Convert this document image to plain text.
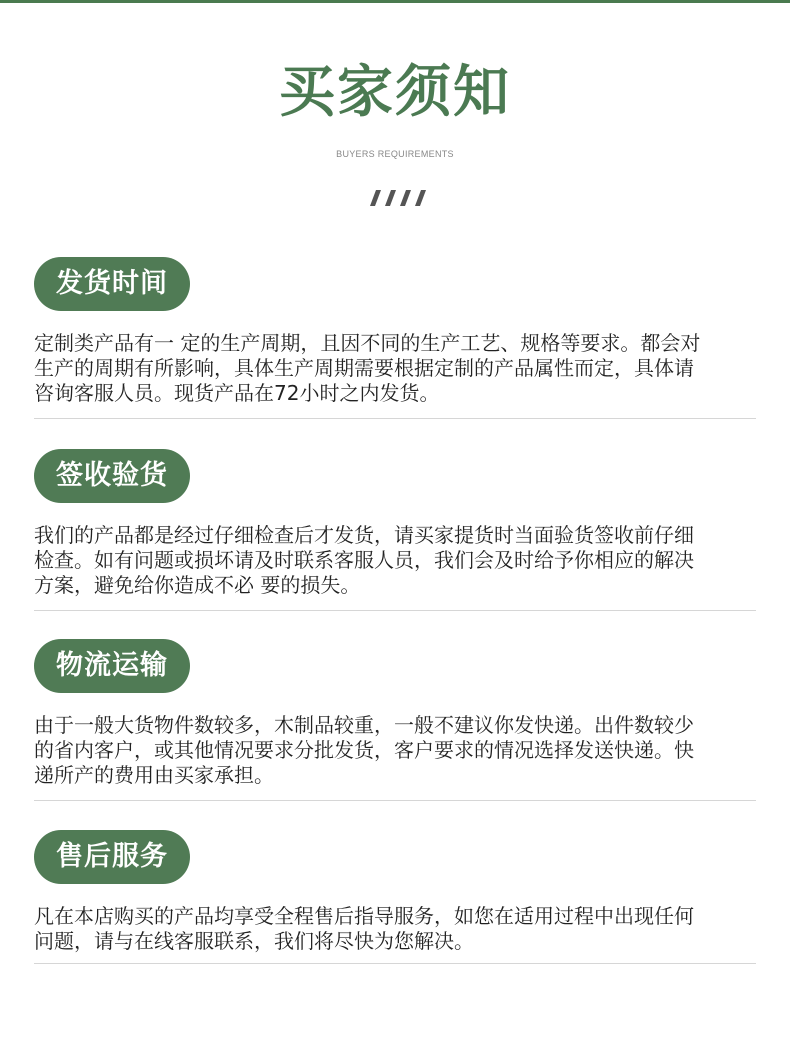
买家须知
BUYERS REQUIREMENTS
发货时间

定制类产品有一 定的生产周期，且因不同的生产工艺、规格等要求。都会对
生产的周期有所影响，具体生产周期需要根据定制的产品属性而定，具体请
咨询客服人员。现货产品在72小时之内发货。

签收验货

我们的产品都是经过仔细检查后才发货，请买家提货时当面验货签收前仔细
检查。如有问题或损坏请及时联系客服人员，我们会及时给予你相应的解决
方案，避免给你造成不必 要的损失。

物流运输

由于一般大货物件数较多，木制品较重，一般不建议你发快递。出件数较少
的省内客户，或其他情况要求分批发货，客户要求的情况选择发送快递。快
递所产的费用由买家承担。

售后服务

凡在本店购买的产品均享受全程售后指导服务，如您在适用过程中出现任何
问题，请与在线客服联系，我们将尽快为您解决。
